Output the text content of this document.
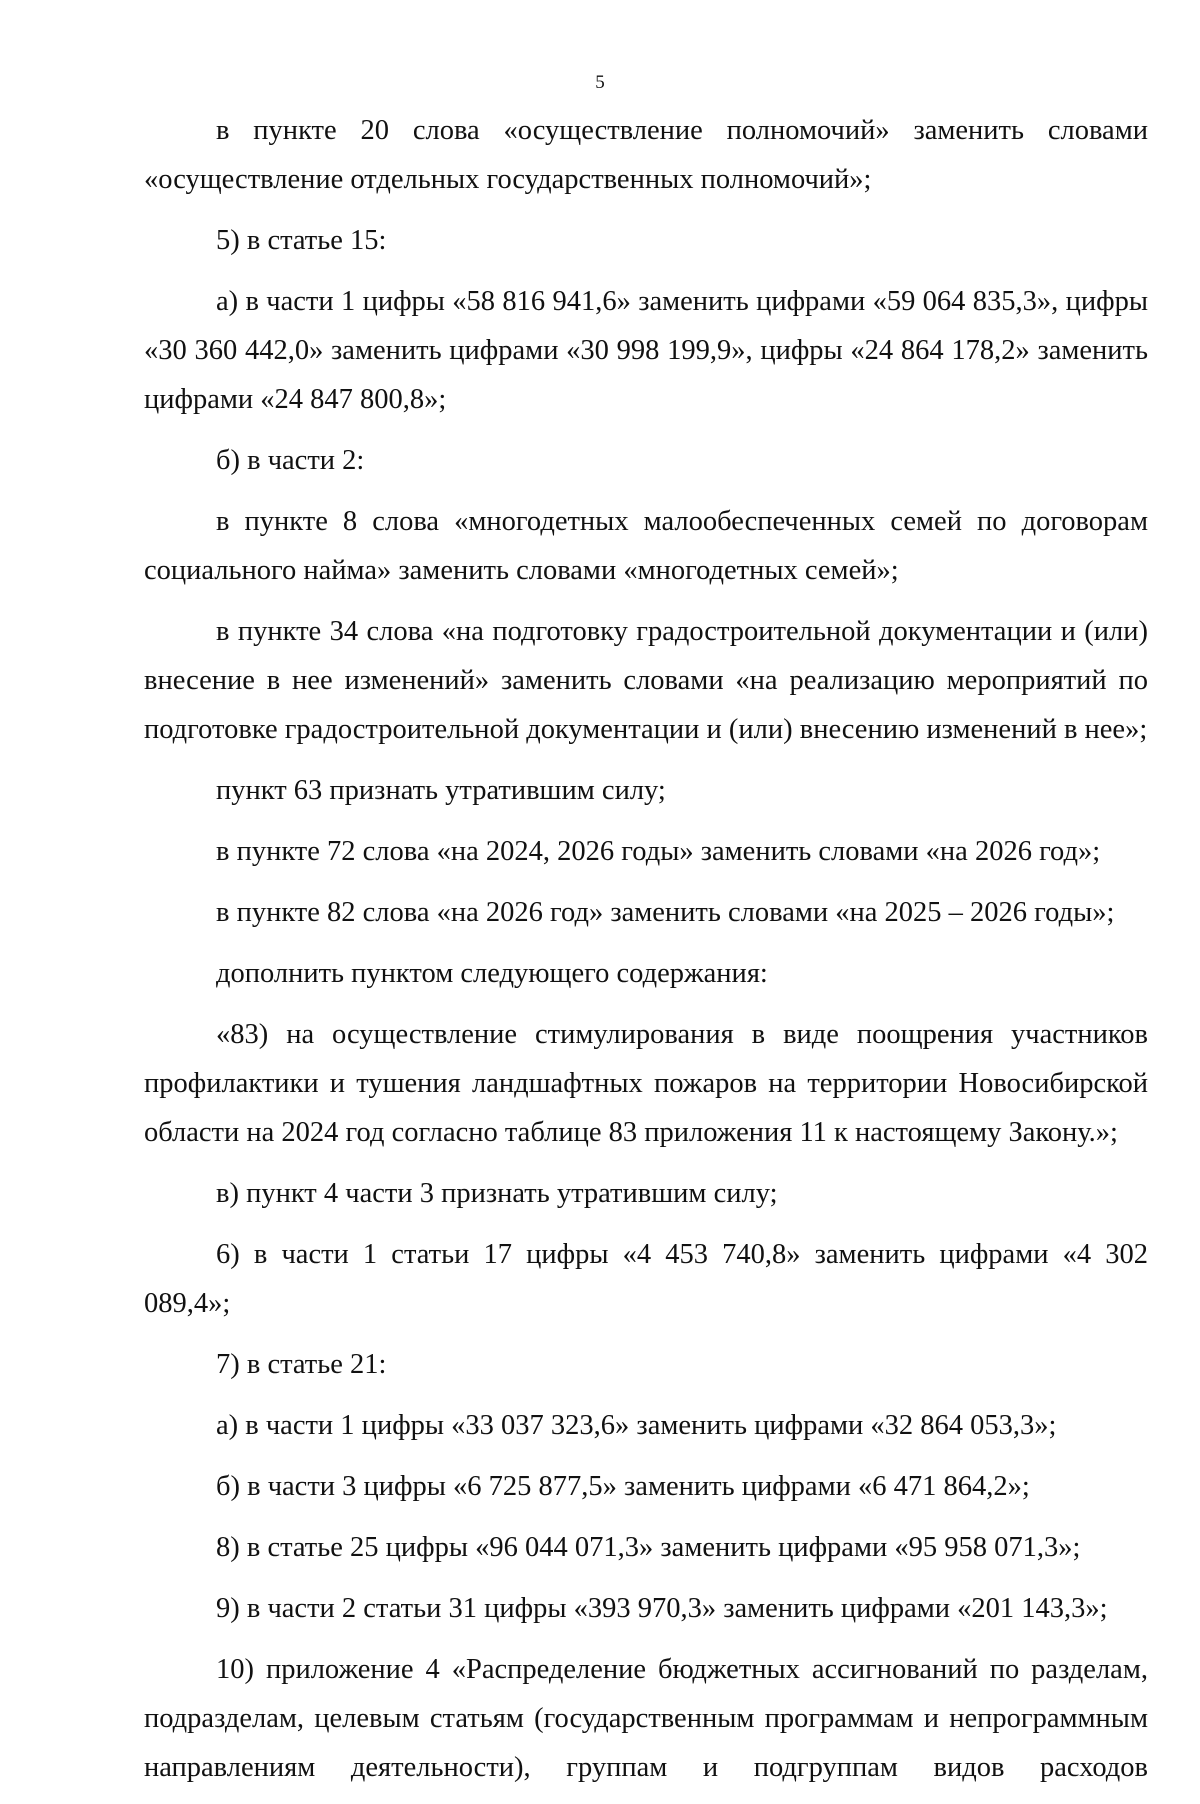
5

в пункте 20 слова «осуществление полномочий» заменить словами «осуществление отдельных государственных полномочий»;

5) в статье 15:

а) в части 1 цифры «58 816 941,6» заменить цифрами «59 064 835,3», цифры «30 360 442,0» заменить цифрами «30 998 199,9», цифры «24 864 178,2» заменить цифрами «24 847 800,8»;

б) в части 2:

в пункте 8 слова «многодетных малообеспеченных семей по договорам социального найма» заменить словами «многодетных семей»;

в пункте 34 слова «на подготовку градостроительной документации и (или) внесение в нее изменений» заменить словами «на реализацию мероприятий по подготовке градостроительной документации и (или) внесению изменений в нее»;

пункт 63 признать утратившим силу;

в пункте 72 слова «на 2024, 2026 годы» заменить словами «на 2026 год»;

в пункте 82 слова «на 2026 год» заменить словами «на 2025 – 2026 годы»;

дополнить пунктом следующего содержания:

«83) на осуществление стимулирования в виде поощрения участников профилактики и тушения ландшафтных пожаров на территории Новосибирской области на 2024 год согласно таблице 83 приложения 11 к настоящему Закону.»;

в) пункт 4 части 3 признать утратившим силу;

6) в части 1 статьи 17 цифры «4 453 740,8» заменить цифрами «4 302 089,4»;

7) в статье 21:

а) в части 1 цифры «33 037 323,6» заменить цифрами «32 864 053,3»;

б) в части 3 цифры «6 725 877,5» заменить цифрами «6 471 864,2»;

8) в статье 25 цифры «96 044 071,3» заменить цифрами «95 958 071,3»;

9) в части 2 статьи 31 цифры «393 970,3» заменить цифрами «201 143,3»;

10) приложение 4 «Распределение бюджетных ассигнований по разделам, подразделам, целевым статьям (государственным программам и непрограммным направлениям деятельности), группам и подгруппам видов расходов
